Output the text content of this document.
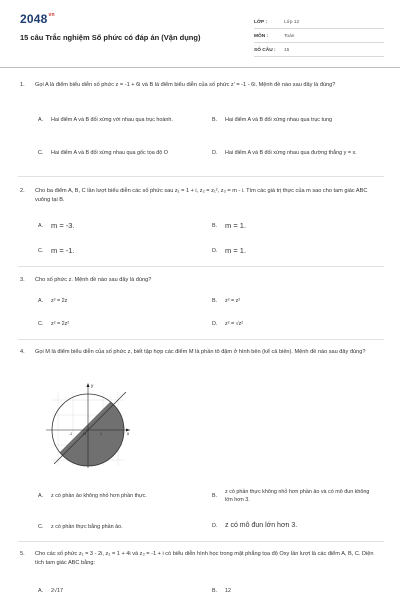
$2048^{vn}$
15 câu Trắc nghiệm Số phức có đáp án (Vận dụng)
LỚP :	Lớp 12
MÔN :	Toán
SỐ CÂU : 15
1. Gọi A là điểm biểu diễn số phức z = -1 + 6i và B là điểm biểu diễn của số phức z' = -1 - 6i. Mệnh đề nào sau đây là đúng?
A. Hai điểm A và B đối xứng với nhau qua trục hoành.	B. Hai điểm A và B đối xứng nhau qua trục tung
C. Hai điểm A và B đối xứng nhau qua gốc tọa độ O	D. Hai điểm A và B đối xứng nhau qua đường thẳng y = x.
2. Cho ba điểm A, B, C lần lượt biểu diễn các số phức sau z₁ = 1 + i, z₂ = z₁², z₃ = m - i. Tìm các giá trị thực của m sao cho tam giác ABC vuông tại B.
A. m = -3.	B. m = 1.
C. m = -1.	D. m = 1.
3. Cho số phức z. Mệnh đề nào sau đây là đúng?
A. z² = 2z	B. z² = z²
C. z² = 2z²	D. z² = √z²
4. Gọi M là điểm biểu diễn của số phức z, biết tập hợp các điểm M là phần tô đậm ở hình bên (kể cả biên). Mệnh đề nào sau đây đúng?
y
x
O	1
-1
A. z có phần ảo không nhỏ hơn phần thực.	B.
z có phần thực không nhỏ hơn phần ảo và có mô đun không lớn hơn 3.
C. z có phần thực bằng phần ảo.	D. z có mô đun lớn hơn 3.
5. Cho các số phức z₁ = 3 - 2i, z₂ = 1 + 4i và z₃ = -1 + i có biểu diễn hình học trong mặt phẳng tọa độ Oxy lần lượt là các điểm A, B, C. Diện tích tam giác ABC bằng:
A. 2√17	B. 12
